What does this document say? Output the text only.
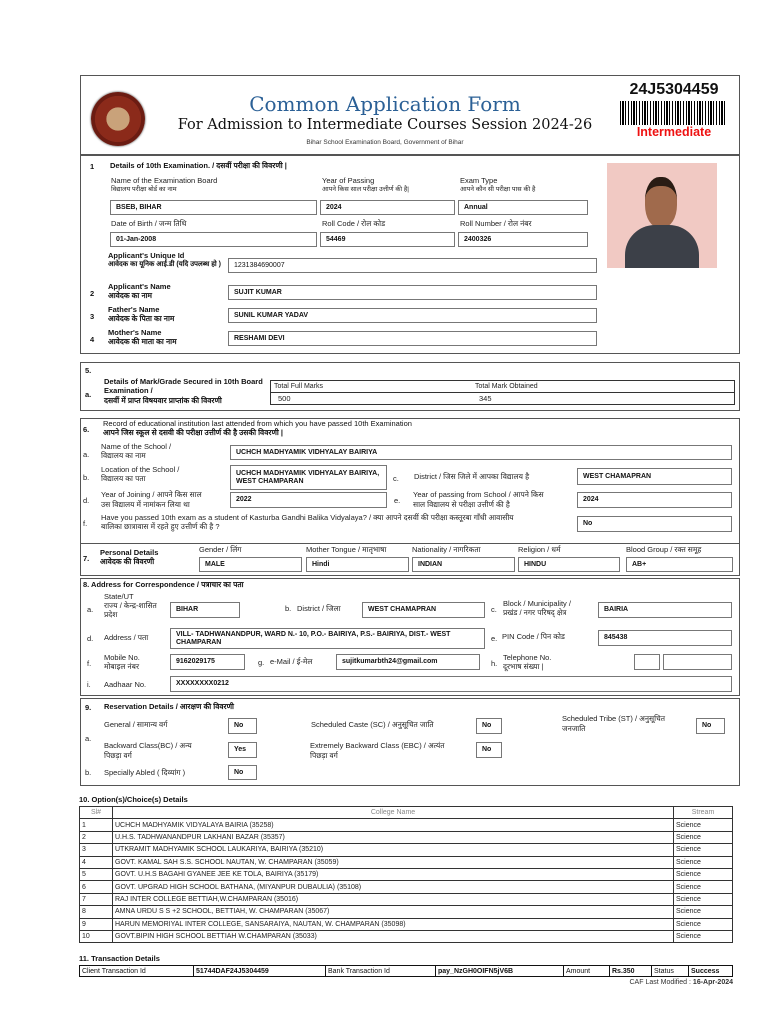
Common Application Form
For Admission to Intermediate Courses Session 2024-26
Bihar School Examination Board, Government of Bihar
24J5304459
Intermediate
1 Details of 10th Examination. / दसवीं परीक्षा की विवरणी |
Name of the Examination Board
विद्यालय परीक्षा बोर्ड का नाम
Year of Passing
आपने किस साल परीक्षा उत्तीर्ण की है|
Exam Type
आपने कौन सी परीक्षा पास की है
BSEB, BIHAR	2024	Annual
Date of Birth / जन्म तिथि	Roll Code / रोल कोड	Roll Number / रोल नंबर
01-Jan-2008	54469	2400326
Applicant's Unique Id
आवेदक का यूनिक आई.डी (यदि उपलब्ध हो )	1231384690007
2
Applicant's Name
आवेदक का नाम	SUJIT KUMAR
3
Father's Name
आवेदक के पिता का नाम	SUNIL KUMAR YADAV
4
Mother's Name
आवेदक की माता का नाम	RESHAMI DEVI
5.
a.
Details of Mark/Grade Secured in 10th Board Examination /
दसवीं में प्राप्त विषयवार प्राप्तांक की विवरणी
Total Full Marks	Total Mark Obtained
500	345
6.
Record of educational institution last attended from which you have passed 10th Examination
आपने जिस स्कूल से दसवी की परीक्षा उत्तीर्ण की है उसकी विवरणी |
a.
Name of the School /
विद्यालय का नाम	UCHCH MADHYAMIK VIDHYALAY BAIRIYA
b.
Location of the School /
विद्यालय का पता
UCHCH MADHYAMIK VIDHYALAY BAIRIYA, WEST CHAMPARAN	c. District / जिस जिले में आपका विद्यालय है	WEST CHAMAPRAN
d.
Year of Joining / आपने किस साल
उस विद्यालय में नामांकन लिया था
2022	e.
Year of passing from School / आपने किस
साल विद्यालय से परीक्षा उत्तीर्ण की है
2024
f.
Have you passed 10th exam as a student of Kasturba Gandhi Balika Vidyalaya? / क्या आपने दसवीं की परीक्षा कस्तूरबा गाँधी आवासीय
बालिका छात्रावास में रहते हुए उत्तीर्ण की है ?	No
7.
Personal Details
आवेदक की विवरणी
Gender / लिंग
MALE
Mother Tongue / मातृभाषा
Hindi
Nationality / नागरिकता
INDIAN
Religion / धर्म
HINDU
Blood Group / रक्त समूह
AB+
8. Address for Correspondence / पत्राचार का पता
a.
State/UT
राज्य / केन्द्र-शासित प्रदेश
BIHAR	b. District / जिला	WEST CHAMAPRAN	c.
Block / Municipality /
प्रखंड / नगर परिषद् क्षेत्र	BAIRIA
d. Address / पता	VILL- TADHWANANDPUR, WARD N.- 10, P.O.- BAIRIYA, P.S.- BAIRIYA, DIST.- WEST CHAMPARAN	e. PIN Code / पिन कोड	845438
f.
Mobile No.
मोबाइल नंबर
9162029175	g. e-Mail / ई-मेल	sujitkumarbth24@gmail.com	h.
Telephone No.
दूरभाष संख्या |
i. Aadhaar No.	XXXXXXXX0212
9. Reservation Details / आरक्षण की विवरणी
a.
General / सामान्य वर्ग	No	Scheduled Caste (SC) / अनुसूचित जाति	No
Scheduled Tribe (ST) / अनुसूचित
जनजाति	No
Backward Class(BC) / अन्य
पिछड़ा वर्ग
Yes	Extremely Backward Class (EBC) / अत्यंत
पिछड़ा वर्ग
No
b. Specially Abled ( दिव्यांग )	No
10. Option(s)/Choice(s) Details
Sl#	College Name	Stream
1	UCHCH MADHYAMIK VIDYALAYA BAIRIA (35258)	Science
2	U.H.S. TADHWANANDPUR LAKHANI BAZAR (35357)	Science
3	UTKRAMIT MADHYAMIK SCHOOL LAUKARIYA, BAIRIYA (35210)	Science
4	GOVT. KAMAL SAH S.S. SCHOOL NAUTAN, W. CHAMPARAN (35059)	Science
5	GOVT. U.H.S BAGAHI GYANEE JEE KE TOLA, BAIRIYA (35179)	Science
6	GOVT. UPGRAD HIGH SCHOOL BATHANA, (MIYANPUR DUBAULIA) (35108)	Science
7	RAJ INTER COLLEGE BETTIAH,W.CHAMPARAN (35016)	Science
8	AMNA URDU S S +2 SCHOOL, BETTIAH, W. CHAMPARAN (35067)	Science
9	HARUN MEMORIYAL INTER COLLEGE, SANSARAIYA, NAUTAN, W. CHAMPARAN (35098)	Science
10	GOVT.BIPIN HIGH SCHOOL BETTIAH W.CHAMPARAN (35033)	Science
11. Transaction Details
Client Transaction Id	51744DAF24J5304459	Bank Transaction Id	pay_NzGH0OIFN5jV6B	Amount	Rs.350	Status	Success
CAF Last Modified : 16-Apr-2024
